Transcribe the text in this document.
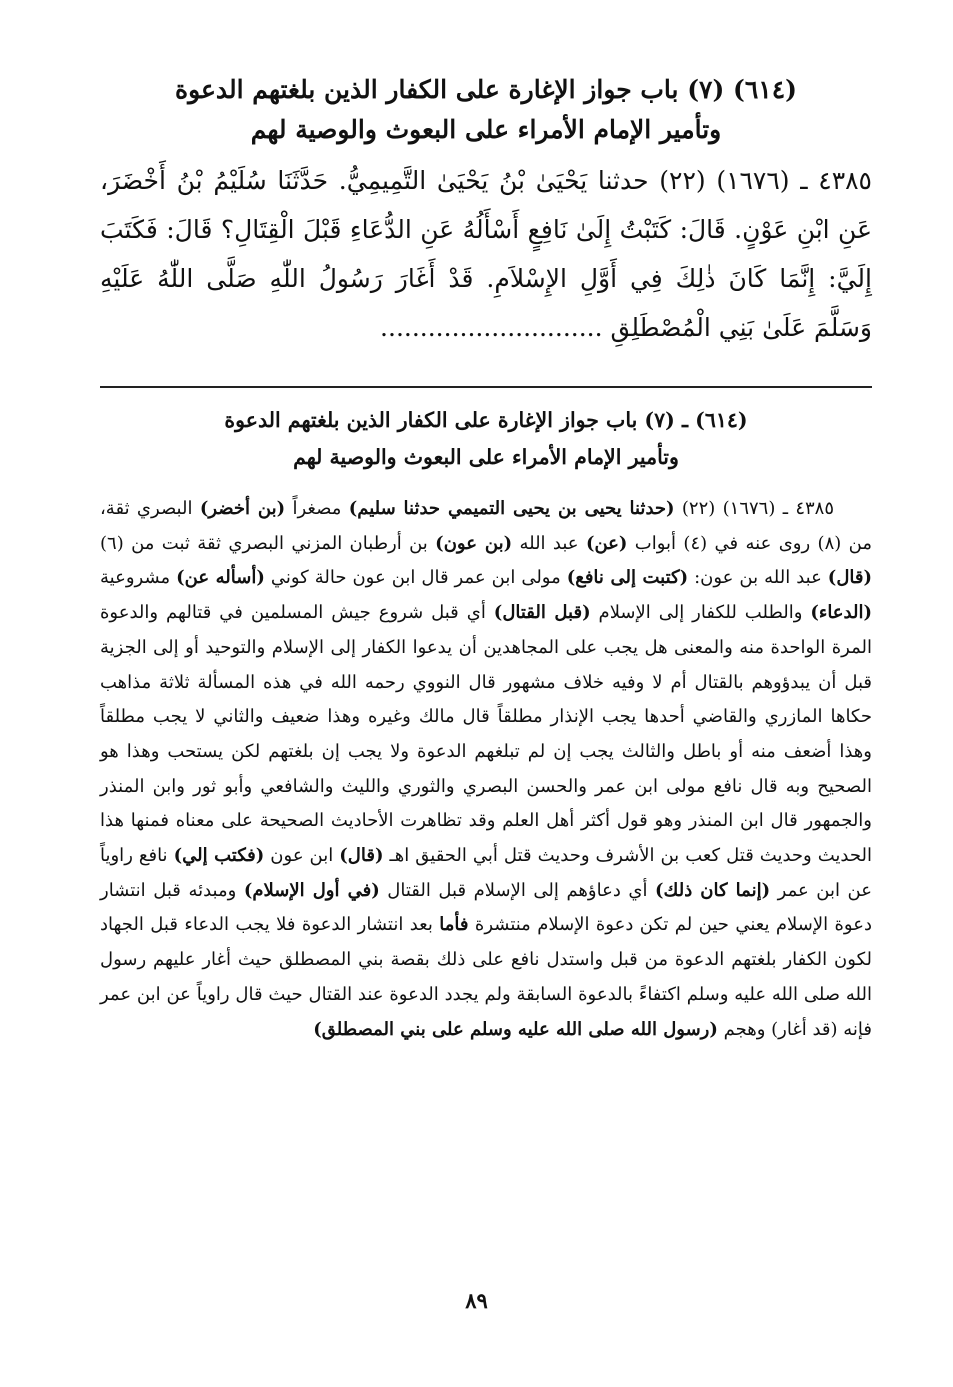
(٦١٤) (٧) باب جواز الإغارة على الكفار الذين بلغتهم الدعوة
وتأمير الإمام الأمراء على البعوث والوصية لهم

٤٣٨٥ ـ (١٦٧٦) (٢٢) حدثنا يَحْيَىٰ بْنُ يَحْيَىٰ التَّمِيمِيُّ. حَدَّثَنَا سُلَيْمُ بْنُ أَخْضَرَ، عَنِ ابْنِ عَوْنٍ. قَالَ: كَتَبْتُ إِلَىٰ نَافِعٍ أَسْأَلُهُ عَنِ الدُّعَاءِ قَبْلَ الْقِتَالِ؟ قَالَ: فَكَتَبَ إِلَيَّ: إِنَّمَا كَانَ ذٰلِكَ فِي أَوَّلِ الإِسْلاَمِ. قَدْ أَغَارَ رَسُولُ اللّٰهِ صَلَّى اللّٰهُ عَلَيْهِ وَسَلَّمَ عَلَىٰ بَنِي الْمُصْطَلِقِ ............................

(٦١٤) ـ (٧) باب جواز الإغارة على الكفار الذين بلغتهم الدعوة
وتأمير الإمام الأمراء على البعوث والوصية لهم

٤٣٨٥ ـ (١٦٧٦) (٢٢) (حدثنا يحيى بن يحيى التميمي حدثنا سليم) مصغراً (بن أخضر) البصري ثقة، من (٨) روى عنه في (٤) أبواب (عن) عبد الله (بن عون) بن أرطبان المزني البصري ثقة ثبت من (٦) (قال) عبد الله بن عون: (كتبت إلى نافع) مولى ابن عمر قال ابن عون حالة كوني (أسأله عن) مشروعية (الدعاء) والطلب للكفار إلى الإسلام (قبل القتال) أي قبل شروع جيش المسلمين في قتالهم والدعوة المرة الواحدة منه والمعنى هل يجب على المجاهدين أن يدعوا الكفار إلى الإسلام والتوحيد أو إلى الجزية قبل أن يبدؤوهم بالقتال أم لا وفيه خلاف مشهور قال النووي رحمه الله في هذه المسألة ثلاثة مذاهب حكاها المازري والقاضي أحدها يجب الإنذار مطلقاً قال مالك وغيره وهذا ضعيف والثاني لا يجب مطلقاً وهذا أضعف منه أو باطل والثالث يجب إن لم تبلغهم الدعوة ولا يجب إن بلغتهم لكن يستحب وهذا هو الصحيح وبه قال نافع مولى ابن عمر والحسن البصري والثوري والليث والشافعي وأبو ثور وابن المنذر والجمهور قال ابن المنذر وهو قول أكثر أهل العلم وقد تظاهرت الأحاديث الصحيحة على معناه فمنها هذا الحديث وحديث قتل كعب بن الأشرف وحديث قتل أبي الحقيق اهـ (قال) ابن عون (فكتب إلي) نافع راوياً عن ابن عمر (إنما كان ذلك) أي دعاؤهم إلى الإسلام قبل القتال (في أول الإسلام) ومبدئه قبل انتشار دعوة الإسلام يعني حين لم تكن دعوة الإسلام منتشرة فأما بعد انتشار الدعوة فلا يجب الدعاء قبل الجهاد لكون الكفار بلغتهم الدعوة من قبل واستدل نافع على ذلك بقصة بني المصطلق حيث أغار عليهم رسول الله صلى الله عليه وسلم اكتفاءً بالدعوة السابقة ولم يجدد الدعوة عند القتال حيث قال راوياً عن ابن عمر فإنه (قد أغار) وهجم (رسول الله صلى الله عليه وسلم على بني المصطلق)

٨٩
